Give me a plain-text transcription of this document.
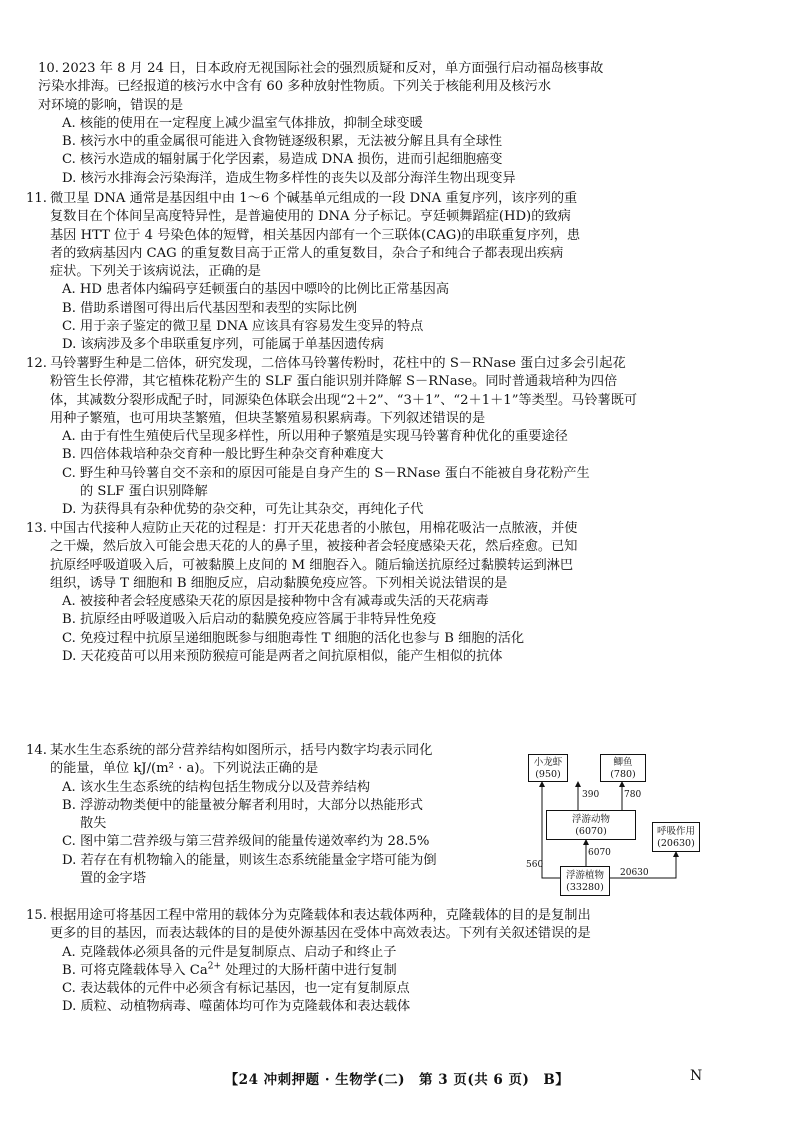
10. 2023 年 8 月 24 日，日本政府无视国际社会的强烈质疑和反对，单方面强行启动福岛核事故

污染水排海。已经报道的核污水中含有 60 多种放射性物质。下列关于核能利用及核污水

对环境的影响，错误的是

A. 核能的使用在一定程度上减少温室气体排放，抑制全球变暖

B. 核污水中的重金属很可能进入食物链逐级积累，无法被分解且具有全球性

C. 核污水造成的辐射属于化学因素，易造成 DNA 损伤，进而引起细胞癌变

D. 核污水排海会污染海洋，造成生物多样性的丧失以及部分海洋生物出现变异

11. 微卫星 DNA 通常是基因组中由 1～6 个碱基单元组成的一段 DNA 重复序列，该序列的重

复数目在个体间呈高度特异性，是普遍使用的 DNA 分子标记。亨廷顿舞蹈症(HD)的致病

基因 HTT 位于 4 号染色体的短臂，相关基因内部有一个三联体(CAG)的串联重复序列，患

者的致病基因内 CAG 的重复数目高于正常人的重复数目，杂合子和纯合子都表现出疾病

症状。下列关于该病说法，正确的是

A. HD 患者体内编码亨廷顿蛋白的基因中嘌呤的比例比正常基因高

B. 借助系谱图可得出后代基因型和表型的实际比例

C. 用于亲子鉴定的微卫星 DNA 应该具有容易发生变异的特点

D. 该病涉及多个串联重复序列，可能属于单基因遗传病

12. 马铃薯野生种是二倍体，研究发现，二倍体马铃薯传粉时，花柱中的 S－RNase 蛋白过多会引起花

粉管生长停滞，其它植株花粉产生的 SLF 蛋白能识别并降解 S－RNase。同时普通栽培种为四倍

体，其减数分裂形成配子时，同源染色体联会出现“2＋2”、“3＋1”、“2＋1＋1”等类型。马铃薯既可

用种子繁殖，也可用块茎繁殖，但块茎繁殖易积累病毒。下列叙述错误的是

A. 由于有性生殖使后代呈现多样性，所以用种子繁殖是实现马铃薯育种优化的重要途径

B. 四倍体栽培种杂交育种一般比野生种杂交育种难度大

C. 野生种马铃薯自交不亲和的原因可能是自身产生的 S－RNase 蛋白不能被自身花粉产生

的 SLF 蛋白识别降解

D. 为获得具有杂种优势的杂交种，可先让其杂交，再纯化子代

13. 中国古代接种人痘防止天花的过程是：打开天花患者的小脓包，用棉花吸沾一点脓液，并使

之干燥，然后放入可能会患天花的人的鼻子里，被接种者会轻度感染天花，然后痊愈。已知

抗原经呼吸道吸入后，可被黏膜上皮间的 M 细胞吞入。随后输送抗原经过黏膜转运到淋巴

组织，诱导 T 细胞和 B 细胞反应，启动黏膜免疫应答。下列相关说法错误的是

A. 被接种者会轻度感染天花的原因是接种物中含有减毒或失活的天花病毒

B. 抗原经由呼吸道吸入后启动的黏膜免疫应答属于非特异性免疫

C. 免疫过程中抗原呈递细胞既参与细胞毒性 T 细胞的活化也参与 B 细胞的活化

D. 天花疫苗可以用来预防猴痘可能是两者之间抗原相似，能产生相似的抗体

14. 某水生生态系统的部分营养结构如图所示，括号内数字均表示同化

的能量，单位 kJ/(m² · a)。下列说法正确的是

A. 该水生生态系统的结构包括生物成分以及营养结构

B. 浮游动物类便中的能量被分解者利用时，大部分以热能形式

散失

C. 图中第二营养级与第三营养级间的能量传递效率约为 28.5%

D. 若存在有机物输入的能量，则该生态系统能量金字塔可能为倒

置的金字塔

小龙虾
(950)
鲫鱼
(780)
浮游动物
(6070)	呼吸作用
(20630)
浮游植物
(33280)
390	780
6070
560
20630

15. 根据用途可将基因工程中常用的载体分为克隆载体和表达载体两种，克隆载体的目的是复制出

更多的目的基因，而表达载体的目的是使外源基因在受体中高效表达。下列有关叙述错误的是

A. 克隆载体必须具备的元件是复制原点、启动子和终止子

B. 可将克隆载体导入 $Ca^{2+}$ 处理过的大肠杆菌中进行复制

C. 表达载体的元件中必须含有标记基因，也一定有复制原点

D. 质粒、动植物病毒、噬菌体均可作为克隆载体和表达载体

【24 冲刺押题 · 生物学(二)　第 3 页(共 6 页)　B】	N
